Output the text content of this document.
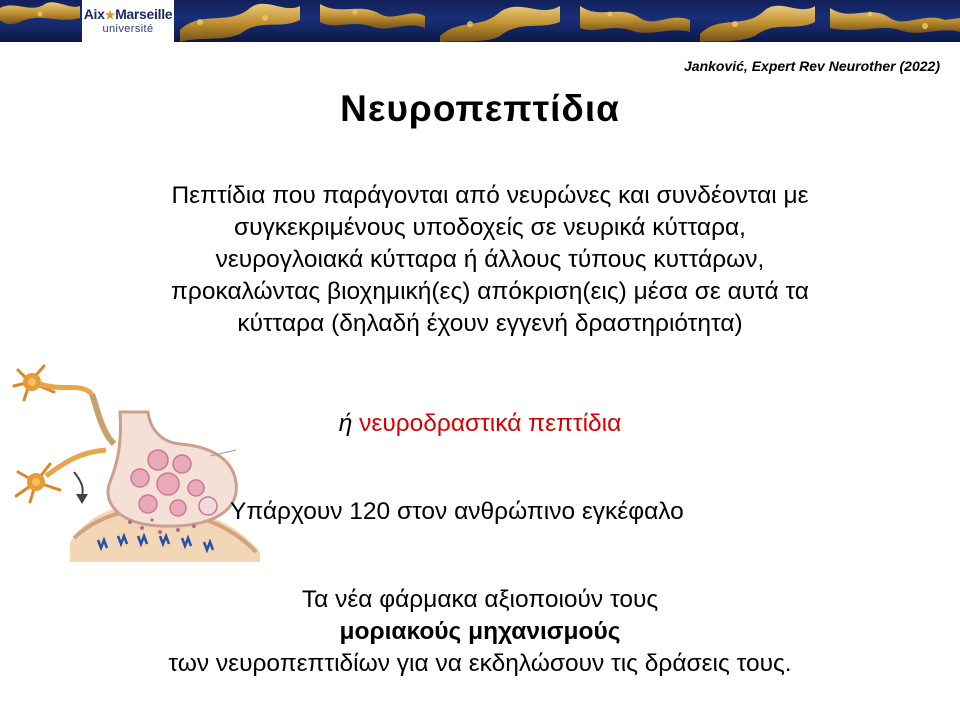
Aix★Marseille
université
Janković, Expert Rev Neurother (2022)
Νευροπεπτίδια
Πεπτίδια που παράγονται από νευρώνες και συνδέονται με
συγκεκριμένους υποδοχείς σε νευρικά κύτταρα,
νευρογλοιακά κύτταρα ή άλλους τύπους κυττάρων,
προκαλώντας βιοχημική(ες) απόκριση(εις) μέσα σε αυτά τα
κύτταρα (δηλαδή έχουν εγγενή δραστηριότητα)
ή νευροδραστικά πεπτίδια
Υπάρχουν 120 στον ανθρώπινο εγκέφαλο
Τα νέα φάρμακα αξιοποιούν τους
μοριακούς μηχανισμούς
των νευροπεπτιδίων για να εκδηλώσουν τις δράσεις τους.
